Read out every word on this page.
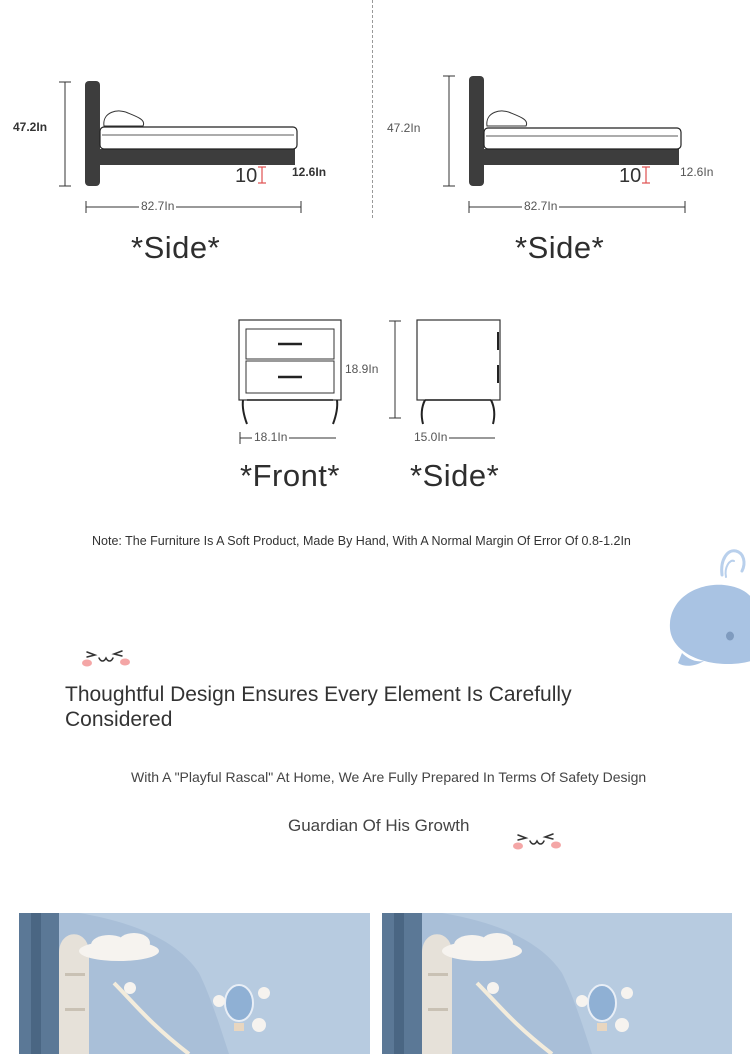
47.2In
10	12.6In
82.7In
*Side*
47.2In
10	12.6In
82.7In
*Side*
18.1In
18.9In
*Front*
15.0In
*Side*
Note: The Furniture Is A Soft Product, Made By Hand, With A Normal Margin Of Error Of 0.8-1.2In
Thoughtful Design Ensures Every Element Is Carefully Considered
With A "Playful Rascal" At Home, We Are Fully Prepared In Terms Of Safety Design
Guardian Of His Growth
